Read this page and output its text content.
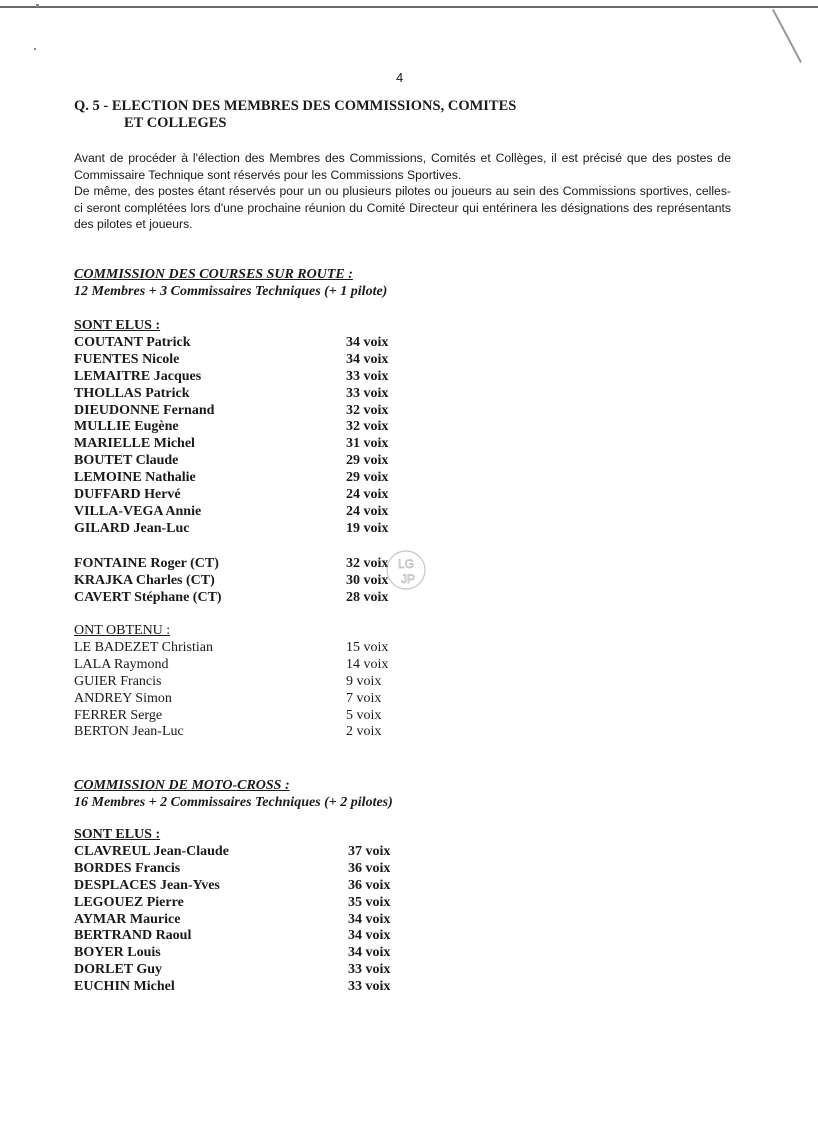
4
Q. 5 - ELECTION DES MEMBRES DES COMMISSIONS, COMITES
ET COLLEGES

Avant de procéder à l'élection des Membres des Commissions, Comités et Collèges, il est précisé que des postes de Commissaire Technique sont réservés pour les Commissions Sportives.

De même, des postes étant réservés pour un ou plusieurs pilotes ou joueurs au sein des Commissions sportives, celles-ci seront complétées lors d'une prochaine réunion du Comité Directeur qui entérinera les désignations des représentants des pilotes et joueurs.

COMMISSION DES COURSES SUR ROUTE :
12 Membres + 3 Commissaires Techniques (+ 1 pilote)
SONT ELUS :
COUTANT Patrick	34 voix
FUENTES Nicole	34 voix
LEMAITRE Jacques	33 voix
THOLLAS Patrick	33 voix
DIEUDONNE Fernand	32 voix
MULLIE Eugène	32 voix
MARIELLE Michel	31 voix
BOUTET Claude	29 voix
LEMOINE Nathalie	29 voix
DUFFARD Hervé	24 voix
VILLA-VEGA Annie	24 voix
GILARD Jean-Luc	19 voix
FONTAINE Roger (CT)	32 voix
KRAJKA Charles (CT)	30 voix
CAVERT Stéphane (CT)	28 voix
LG
JP
ONT OBTENU :
LE BADEZET Christian	15 voix
LALA Raymond	14 voix
GUIER Francis	9 voix
ANDREY Simon	7 voix
FERRER Serge	5 voix
BERTON Jean-Luc	2 voix
COMMISSION DE MOTO-CROSS :
16 Membres + 2 Commissaires Techniques (+ 2 pilotes)
SONT ELUS :
CLAVREUL Jean-Claude	37 voix
BORDES Francis	36 voix
DESPLACES Jean-Yves	36 voix
LEGOUEZ Pierre	35 voix
AYMAR Maurice	34 voix
BERTRAND Raoul	34 voix
BOYER Louis	34 voix
DORLET Guy	33 voix
EUCHIN Michel	33 voix
